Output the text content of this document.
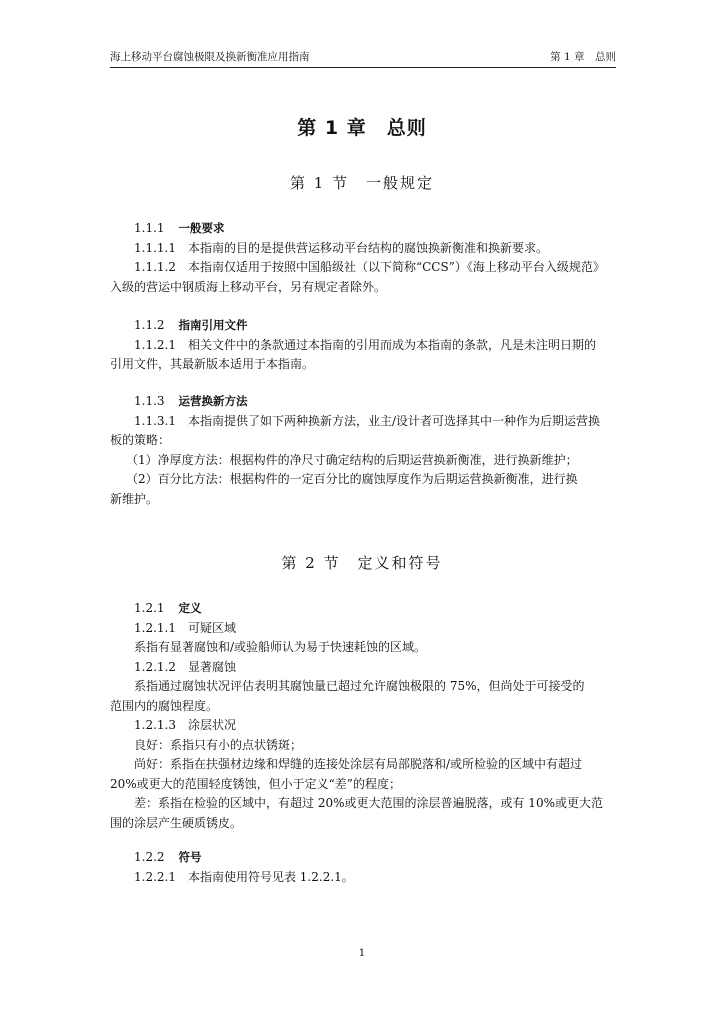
海上移动平台腐蚀极限及换新衡准应用指南	第 1 章　总则

第 1 章　总则
第 1 节　一般规定
1.1.1 一般要求
1.1.1.1　本指南的目的是提供营运移动平台结构的腐蚀换新衡准和换新要求。
1.1.1.2　本指南仅适用于按照中国船级社（以下简称“CCS”）《海上移动平台入级规范》
入级的营运中钢质海上移动平台，另有规定者除外。
1.1.2 指南引用文件
1.1.2.1　相关文件中的条款通过本指南的引用而成为本指南的条款，凡是未注明日期的
引用文件，其最新版本适用于本指南。
1.1.3 运营换新方法
1.1.3.1　本指南提供了如下两种换新方法，业主/设计者可选择其中一种作为后期运营换
板的策略：
（1）净厚度方法：根据构件的净尺寸确定结构的后期运营换新衡准，进行换新维护；
（2）百分比方法：根据构件的一定百分比的腐蚀厚度作为后期运营换新衡准，进行换
新维护。
第 2 节　定义和符号
1.2.1 定义
1.2.1.1　可疑区域
系指有显著腐蚀和/或验船师认为易于快速耗蚀的区域。
1.2.1.2　显著腐蚀
系指通过腐蚀状况评估表明其腐蚀量已超过允许腐蚀极限的 75%，但尚处于可接受的
范围内的腐蚀程度。
1.2.1.3　涂层状况
良好：系指只有小的点状锈斑；
尚好：系指在扶强材边缘和焊缝的连接处涂层有局部脱落和/或所检验的区域中有超过
20%或更大的范围轻度锈蚀，但小于定义“差”的程度；
差：系指在检验的区域中，有超过 20%或更大范围的涂层普遍脱落，或有 10%或更大范
围的涂层产生硬质锈皮。
1.2.2 符号
1.2.2.1　本指南使用符号见表 1.2.2.1。
1
